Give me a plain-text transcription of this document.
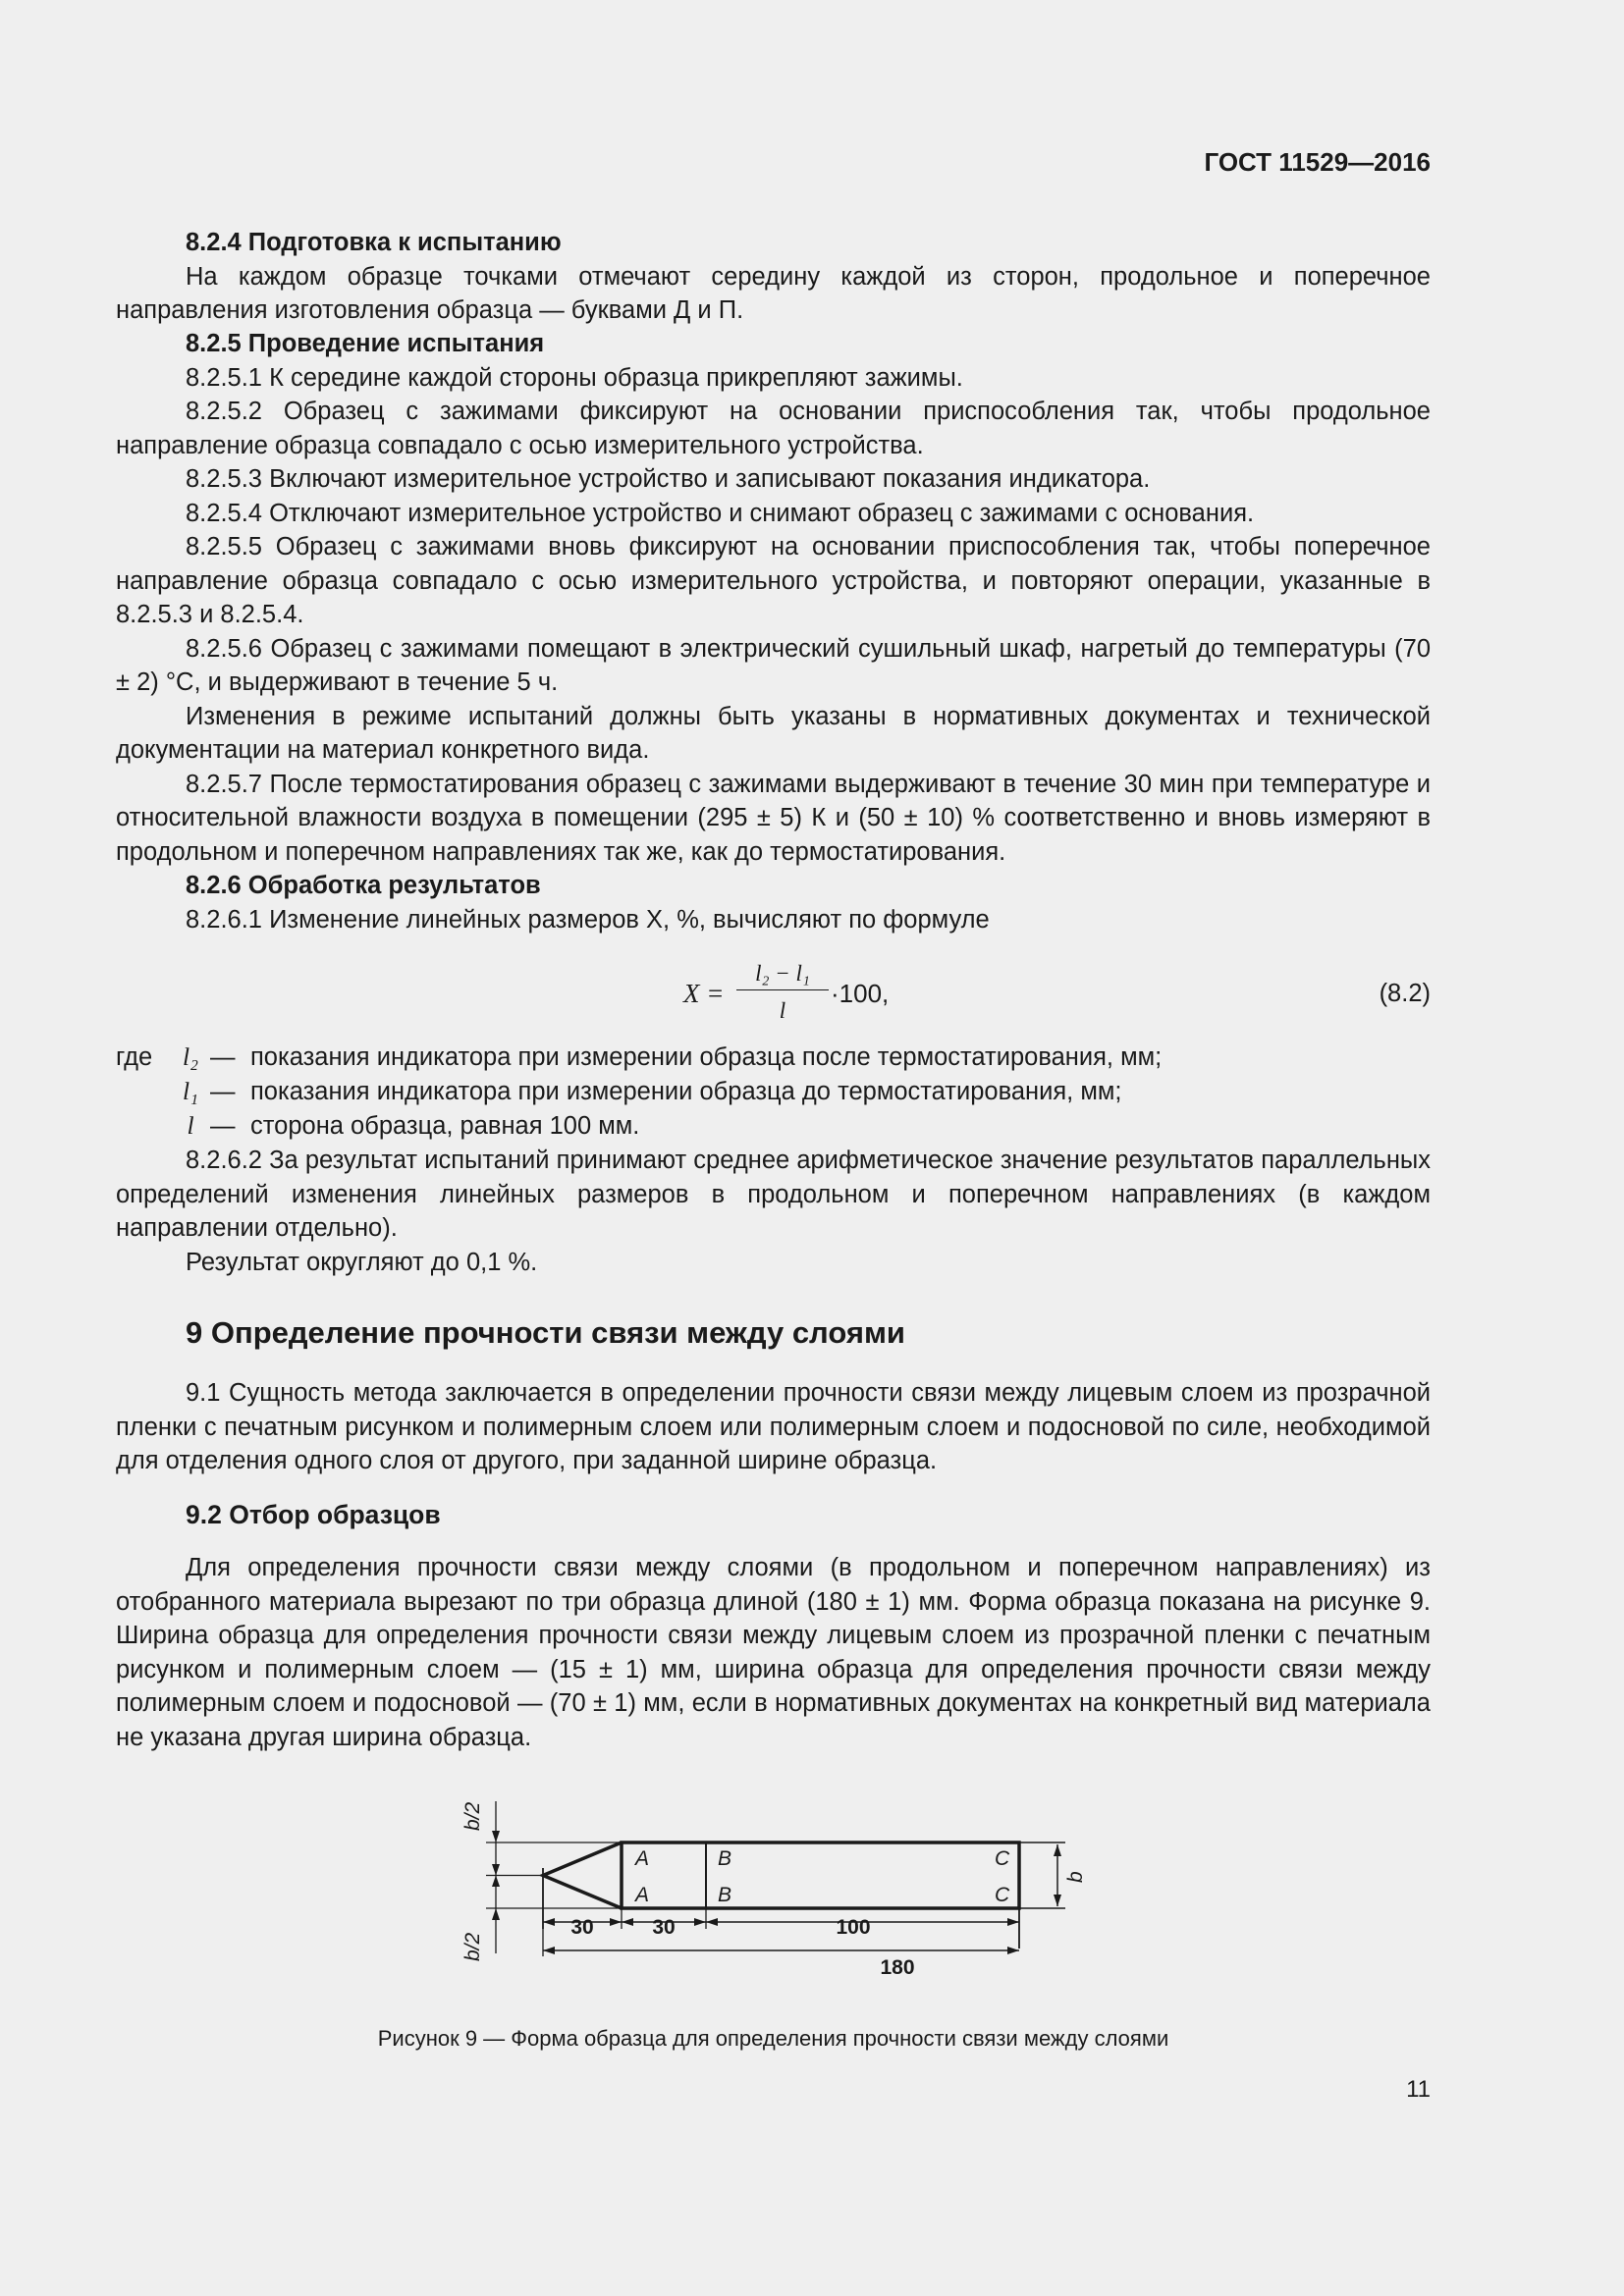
ГОСТ 11529—2016

8.2.4 Подготовка к испытанию

На каждом образце точками отмечают середину каждой из сторон, продольное и поперечное направления изготовления образца — буквами Д и П.

8.2.5 Проведение испытания

8.2.5.1 К середине каждой стороны образца прикрепляют зажимы.

8.2.5.2 Образец с зажимами фиксируют на основании приспособления так, чтобы продольное направление образца совпадало с осью измерительного устройства.

8.2.5.3 Включают измерительное устройство и записывают показания индикатора.

8.2.5.4 Отключают измерительное устройство и снимают образец с зажимами с основания.

8.2.5.5 Образец с зажимами вновь фиксируют на основании приспособления так, чтобы поперечное направление образца совпадало с осью измерительного устройства, и повторяют операции, указанные в 8.2.5.3 и 8.2.5.4.

8.2.5.6 Образец с зажимами помещают в электрический сушильный шкаф, нагретый до температуры (70 ± 2) °С, и выдерживают в течение 5 ч.

Изменения в режиме испытаний должны быть указаны в нормативных документах и технической документации на материал конкретного вида.

8.2.5.7 После термостатирования образец с зажимами выдерживают в течение 30 мин при температуре и относительной влажности воздуха в помещении (295 ± 5) К и (50 ± 10) % соответственно и вновь измеряют в продольном и поперечном направлениях так же, как до термостатирования.

8.2.6 Обработка результатов

8.2.6.1 Изменение линейных размеров X, %, вычисляют по формуле

X =
l₂ − l₁
l
·100,	(8.2)
где	l₂ — показания индикатора при измерении образца после термостатирования, мм;
l₁ — показания индикатора при измерении образца до термостатирования, мм;
l — сторона образца, равная 100 мм.

8.2.6.2 За результат испытаний принимают среднее арифметическое значение результатов параллельных определений изменения линейных размеров в продольном и поперечном направлениях (в каждом направлении отдельно).

Результат округляют до 0,1 %.

9 Определение прочности связи между слоями

9.1 Сущность метода заключается в определении прочности связи между лицевым слоем из прозрачной пленки с печатным рисунком и полимерным слоем или полимерным слоем и подосновой по силе, необходимой для отделения одного слоя от другого, при заданной ширине образца.

9.2 Отбор образцов

Для определения прочности связи между слоями (в продольном и поперечном направлениях) из отобранного материала вырезают по три образца длиной (180 ± 1) мм. Форма образца показана на рисунке 9. Ширина образца для определения прочности связи между лицевым слоем из прозрачной пленки с печатным рисунком и полимерным слоем — (15 ± 1) мм, ширина образца для определения прочности связи между полимерным слоем и подосновой — (70 ± 1) мм, если в нормативных документах на конкретный вид материала не указана другая ширина образца.

A
A
B
B
C
C
b
b/2
b/2
30	30	100
180
Рисунок 9 — Форма образца для определения прочности связи между слоями
11
